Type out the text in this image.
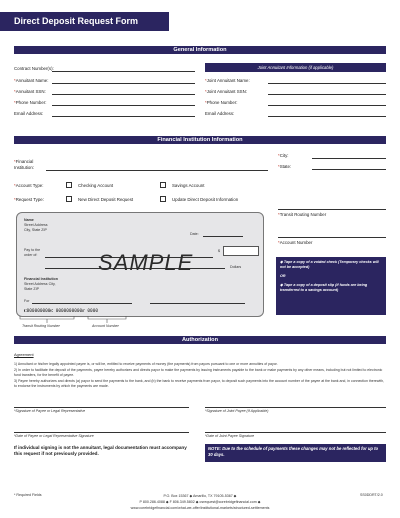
Direct Deposit Request Form
General Information
Contract Number(s):	Joint Annuitant Information (if applicable)
*Annuitant Name:
*Annuitant SSN:
*Phone Number:
Email Address:
*Joint Annuitant Name:
*Joint Annuitant SSN:
*Phone Number:
Email Address:
Financial Institution Information
*Financial Institution:
*City:
*State:
*Account Type:	Checking Account	Savings Account
*Request Type:	New Direct Deposit Request	Update Direct Deposit Information
*Transit Routing Number
*Account Number
Name
Street Address
City, State ZIP
Date:
Pay to the
order of:
$
Dollars
SAMPLE
Financial Institution
Street Address City,
State ZIP
For
⑆000000000⑆ 0000000000⑈ 0000
Transit Routing Number	Account Number
◆ Tape a copy of a voided check (Temporary checks will not be accepted)
OR
◆ Tape a copy of a deposit slip (if funds are being transferred to a savings account)
Authorization
Agreement
1) Annuitant or his/her legally appointed payee is, or will be, entitled to receive payments of money (the payments) from payors pursuant to one or more annuities of payor.
2) In order to facilitate the deposit of the payments, payee hereby authorizes and directs payor to make the payments by issuing instruments payable to the bank or make payments by any other means, including but not limited to electronic fund transfers, for the benefit of payee.
3) Payee hereby authorizes and directs (a) payor to send the payments to the bank, and (b) the bank to receive payments from payor, to deposit such payments into the account number of the payee at the bank and, in connection therewith, to endorse the instruments by which the payments are made.
*Signature of Payee or Legal Representative	*Signature of Joint Payee (If Applicable)
*Date of Payee or Legal Representative Signature	*Date of Joint Payee Signature
If individual signing is not the annuitant, legal documentation must accompany this request if not previously provided.
NOTE: Due to the schedule of payments these changes may not be reflected for up to 30 days.
* Required Fields	P.O. Box 15367 ◆ Amarillo, TX 79105-5367 ◆
P 800.286.4088 ◆ F 806.349.5802 ◆ csrequest@corebridgefinancial.com ◆
www.corebridgefinancial.com/what-we-offer/institutional-markets/structured-settlements
SS0DDRT/2.0
